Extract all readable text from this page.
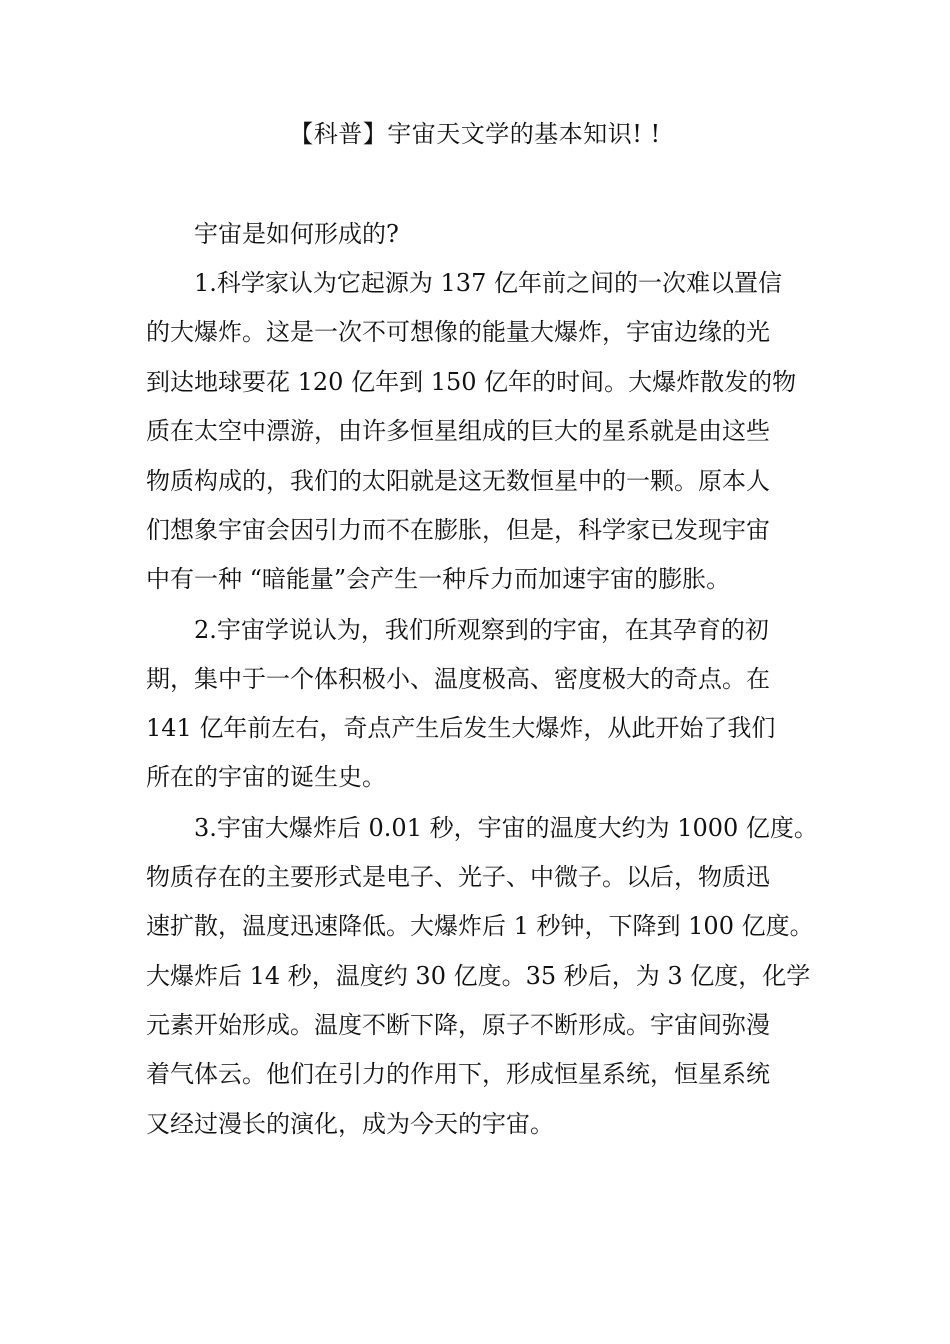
【科普】宇宙天文学的基本知识! !
宇宙是如何形成的?
1.科学家认为它起源为 137 亿年前之间的一次难以置信
的大爆炸。这是一次不可想像的能量大爆炸，宇宙边缘的光
到达地球要花 120 亿年到 150 亿年的时间。大爆炸散发的物
质在太空中漂游，由许多恒星组成的巨大的星系就是由这些
物质构成的，我们的太阳就是这无数恒星中的一颗。原本人
们想象宇宙会因引力而不在膨胀，但是，科学家已发现宇宙
中有一种 “暗能量”会产生一种斥力而加速宇宙的膨胀。
2.宇宙学说认为，我们所观察到的宇宙，在其孕育的初
期，集中于一个体积极小、温度极高、密度极大的奇点。在
141 亿年前左右，奇点产生后发生大爆炸，从此开始了我们
所在的宇宙的诞生史。
3.宇宙大爆炸后 0.01 秒，宇宙的温度大约为 1000 亿度。
物质存在的主要形式是电子、光子、中微子。以后，物质迅
速扩散，温度迅速降低。大爆炸后 1 秒钟，下降到 100 亿度。
大爆炸后 14 秒，温度约 30 亿度。35 秒后，为 3 亿度，化学
元素开始形成。温度不断下降，原子不断形成。宇宙间弥漫
着气体云。他们在引力的作用下，形成恒星系统，恒星系统
又经过漫长的演化，成为今天的宇宙。
